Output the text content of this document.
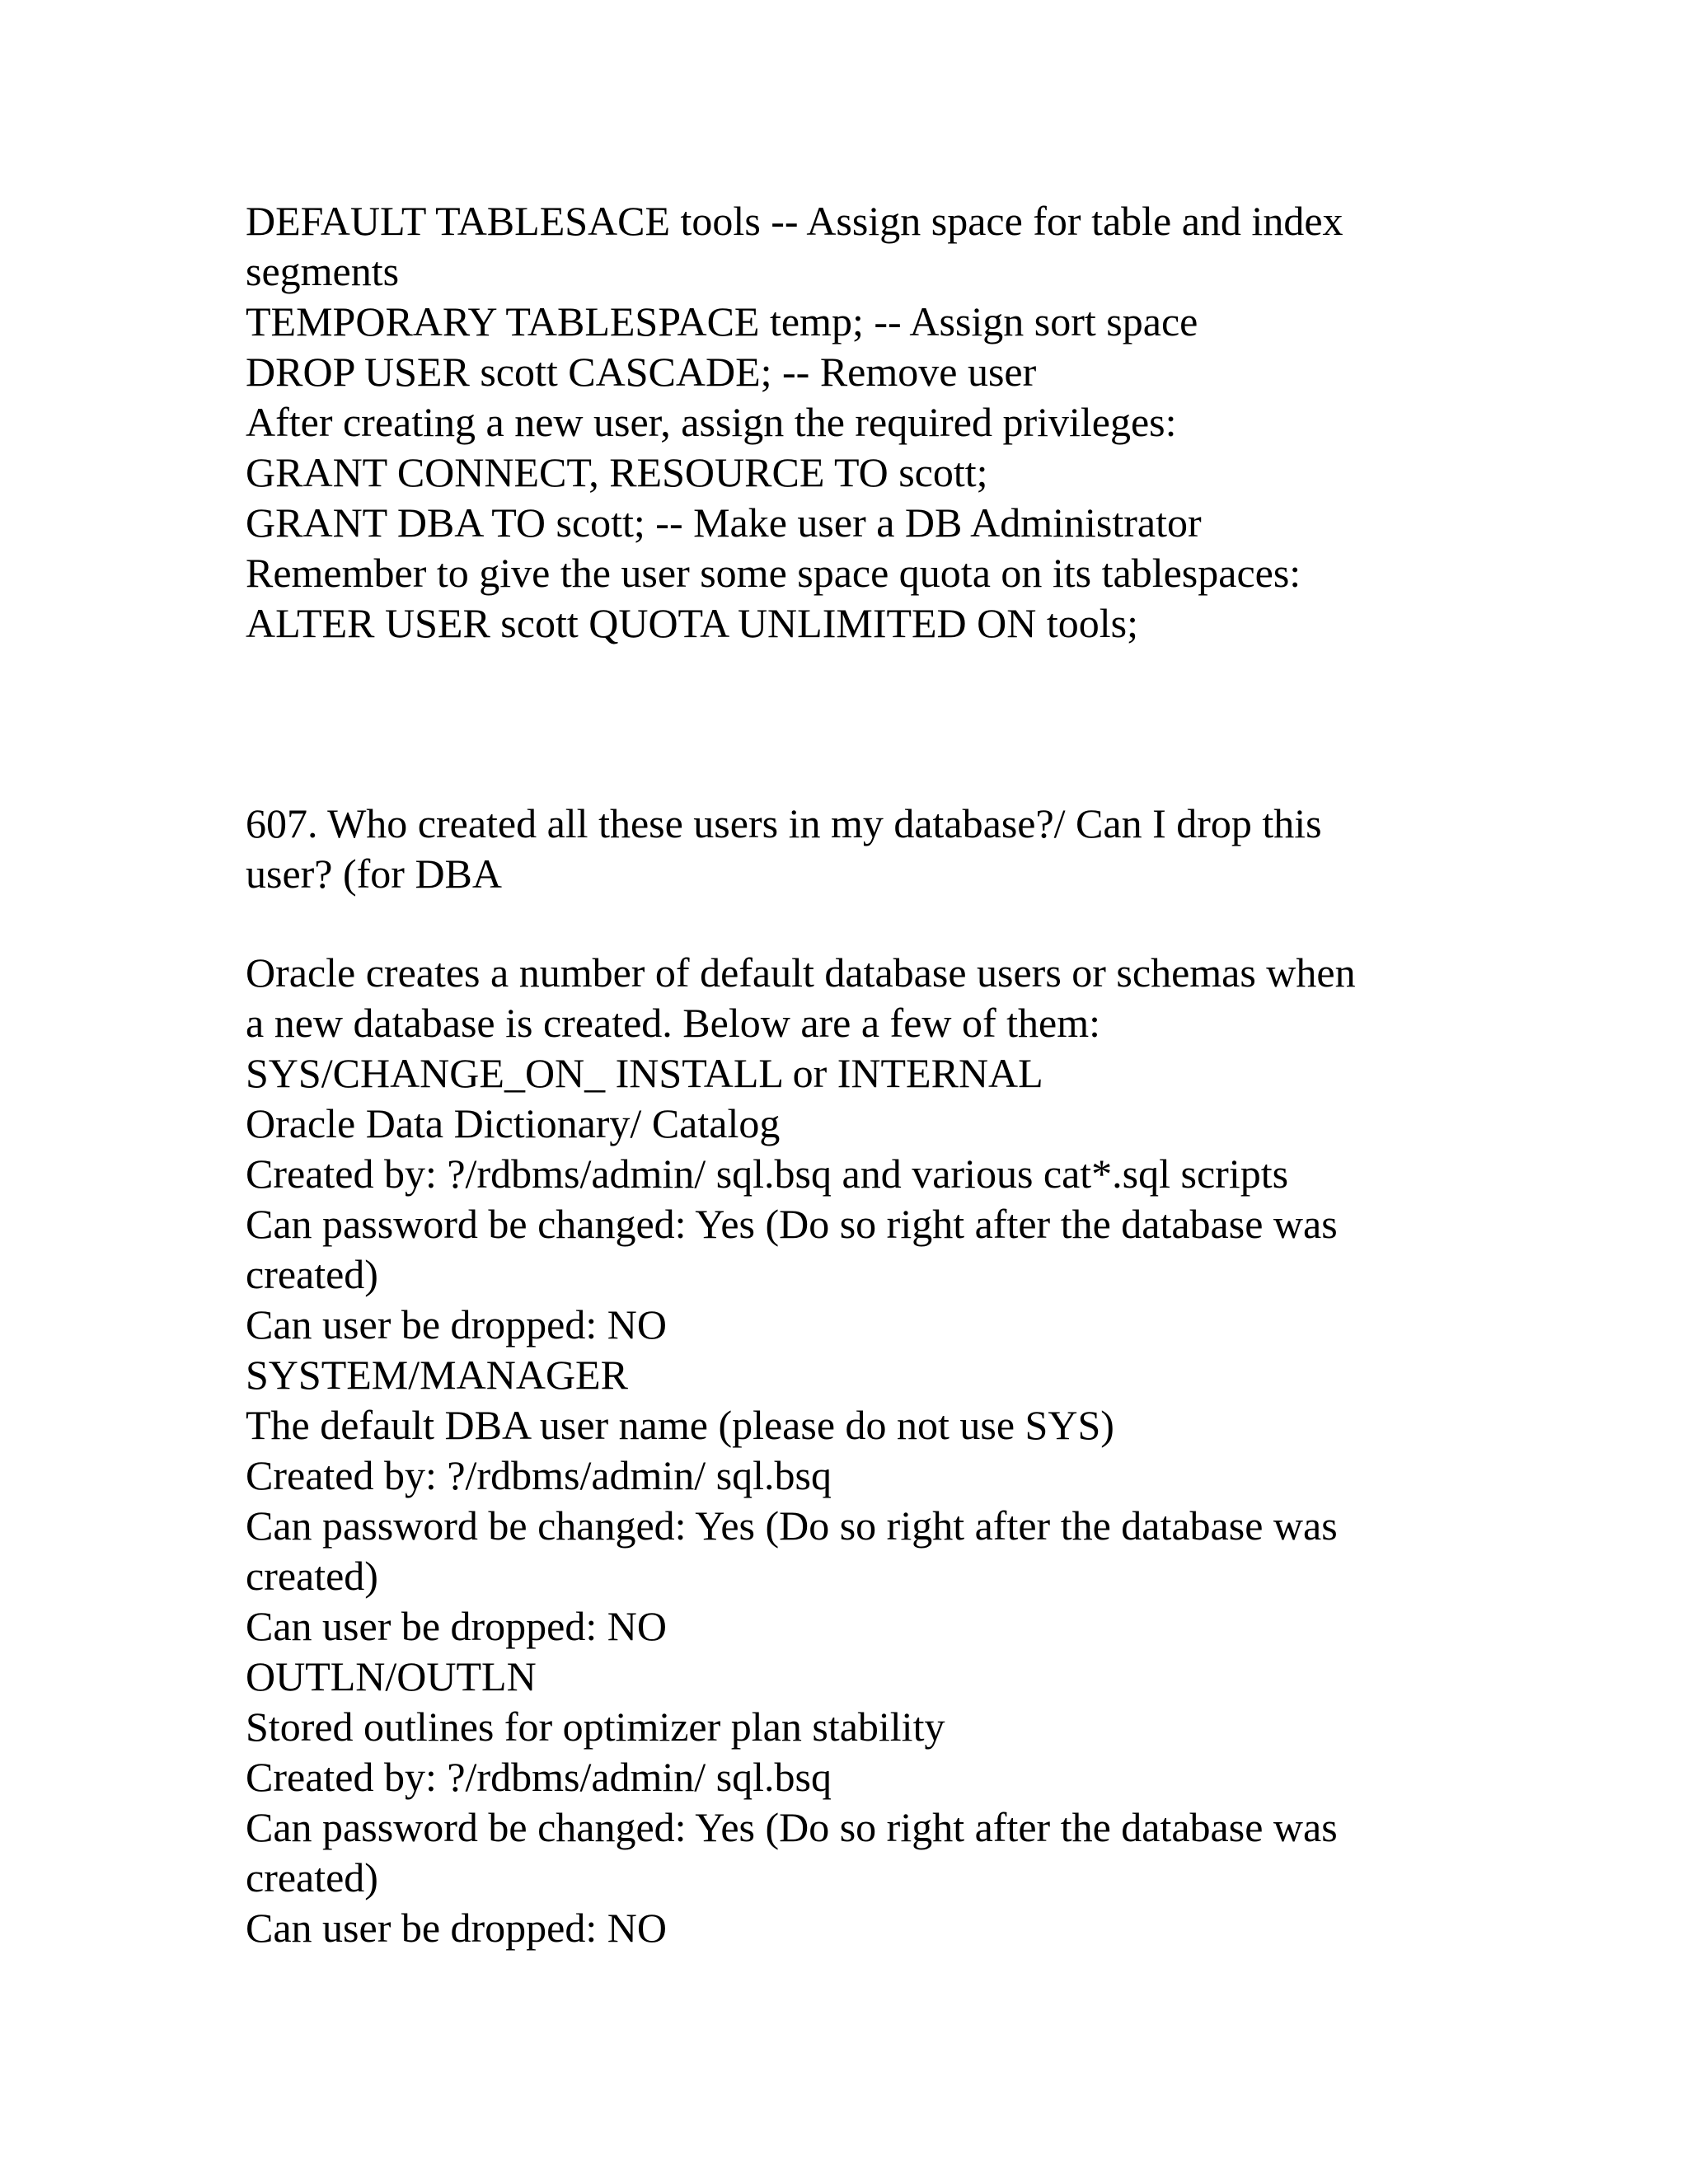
DEFAULT TABLESACE tools -- Assign space for table and index
segments
TEMPORARY TABLESPACE temp; -- Assign sort space
DROP USER scott CASCADE; -- Remove user
After creating a new user, assign the required privileges:
GRANT CONNECT, RESOURCE TO scott;
GRANT DBA TO scott; -- Make user a DB Administrator
Remember to give the user some space quota on its tablespaces:
ALTER USER scott QUOTA UNLIMITED ON tools;
607. Who created all these users in my database?/ Can I drop this
user? (for DBA
Oracle creates a number of default database users or schemas when
a new database is created. Below are a few of them:
SYS/CHANGE_ON_ INSTALL or INTERNAL
Oracle Data Dictionary/ Catalog
Created by: ?/rdbms/admin/ sql.bsq and various cat*.sql scripts
Can password be changed: Yes (Do so right after the database was
created)
Can user be dropped: NO
SYSTEM/MANAGER
The default DBA user name (please do not use SYS)
Created by: ?/rdbms/admin/ sql.bsq
Can password be changed: Yes (Do so right after the database was
created)
Can user be dropped: NO
OUTLN/OUTLN
Stored outlines for optimizer plan stability
Created by: ?/rdbms/admin/ sql.bsq
Can password be changed: Yes (Do so right after the database was
created)
Can user be dropped: NO
